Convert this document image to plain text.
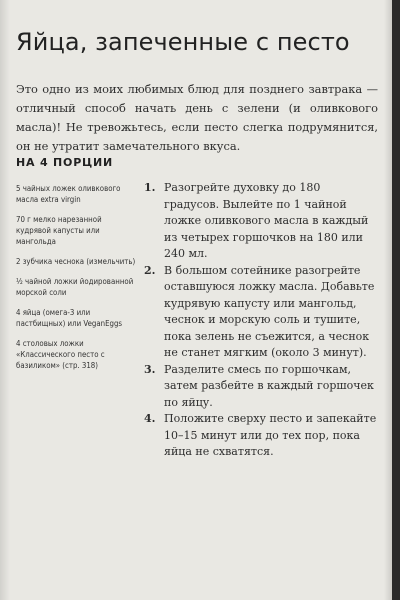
Яйца, запеченные с песто

Это одно из моих любимых блюд для позднего завтрака — отличный способ начать день с зелени (и оливкового масла)! Не тревожьтесь, если песто слегка подрумянится, он не утратит замечательного вкуса.

НА 4 ПОРЦИИ
5 чайных ложек оливкового масла extra virgin
70 г мелко нарезанной кудрявой капусты или мангольда
2 зубчика чеснока (измельчить)
½ чайной ложки йодированной морской соли
4 яйца (омега-3 или пастбищных) или VeganEggs
4 столовых ложки «Классического песто с базиликом» (стр. 318)
1. Разогрейте духовку до 180 градусов. Вылейте по 1 чайной ложке оливкового масла в каждый из четырех горшочков на 180 или 240 мл.
2. В большом сотейнике разогрейте оставшуюся ложку масла. Добавьте кудрявую капусту или мангольд, чеснок и морскую соль и тушите, пока зелень не съежится, а чеснок не станет мягким (около 3 минут).
3. Разделите смесь по горшочкам, затем разбейте в каждый горшочек по яйцу.
4. Положите сверху песто и запекайте 10–15 минут или до тех пор, пока яйца не схватятся.
